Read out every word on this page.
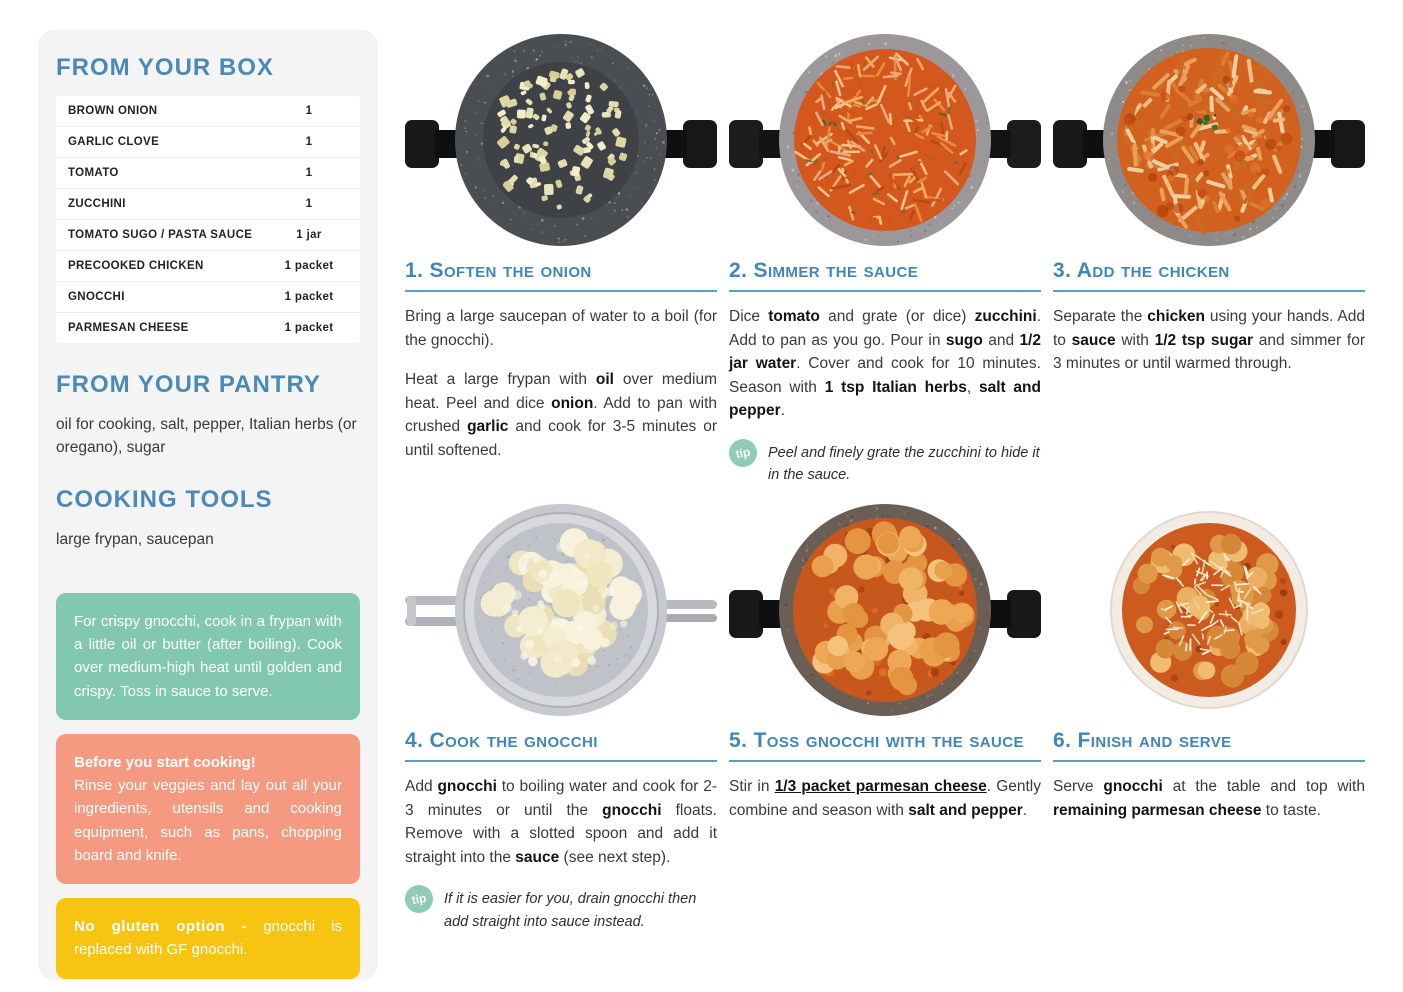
FROM YOUR BOX
BROWN ONION	1
GARLIC CLOVE	1
TOMATO	1
ZUCCHINI	1
TOMATO SUGO / PASTA SAUCE	1 jar
PRECOOKED CHICKEN	1 packet
GNOCCHI	1 packet
PARMESAN CHEESE	1 packet
FROM YOUR PANTRY

oil for cooking, salt, pepper, Italian herbs (or oregano), sugar

COOKING TOOLS

large frypan, saucepan

For crispy gnocchi, cook in a frypan with a little oil or butter (after boiling). Cook over medium-high heat until golden and crispy. Toss in sauce to serve.
Before you start cooking!
Rinse your veggies and lay out all your ingredients, utensils and cooking equipment, such as pans, chopping board and knife.
No gluten option - gnocchi is replaced with GF gnocchi.
1. Soften the onion

Bring a large saucepan of water to a boil (for the gnocchi).

Heat a large frypan with oil over medium heat. Peel and dice onion. Add to pan with crushed garlic and cook for 3-5 minutes or until softened.

2. Simmer the sauce

Dice tomato and grate (or dice) zucchini. Add to pan as you go. Pour in sugo and 1/2 jar water. Cover and cook for 10 minutes. Season with 1 tsp Italian herbs, salt and pepper.

tip	Peel and finely grate the zucchini to hide it in the sauce.
3. Add the chicken

Separate the chicken using your hands. Add to sauce with 1/2 tsp sugar and simmer for 3 minutes or until warmed through.

4. Cook the gnocchi

Add gnocchi to boiling water and cook for 2-3 minutes or until the gnocchi floats. Remove with a slotted spoon and add it straight into the sauce (see next step).

tip	If it is easier for you, drain gnocchi then add straight into sauce instead.
5. Toss gnocchi with the sauce

Stir in 1/3 packet parmesan cheese. Gently combine and season with salt and pepper.

6. Finish and serve

Serve gnocchi at the table and top with remaining parmesan cheese to taste.
